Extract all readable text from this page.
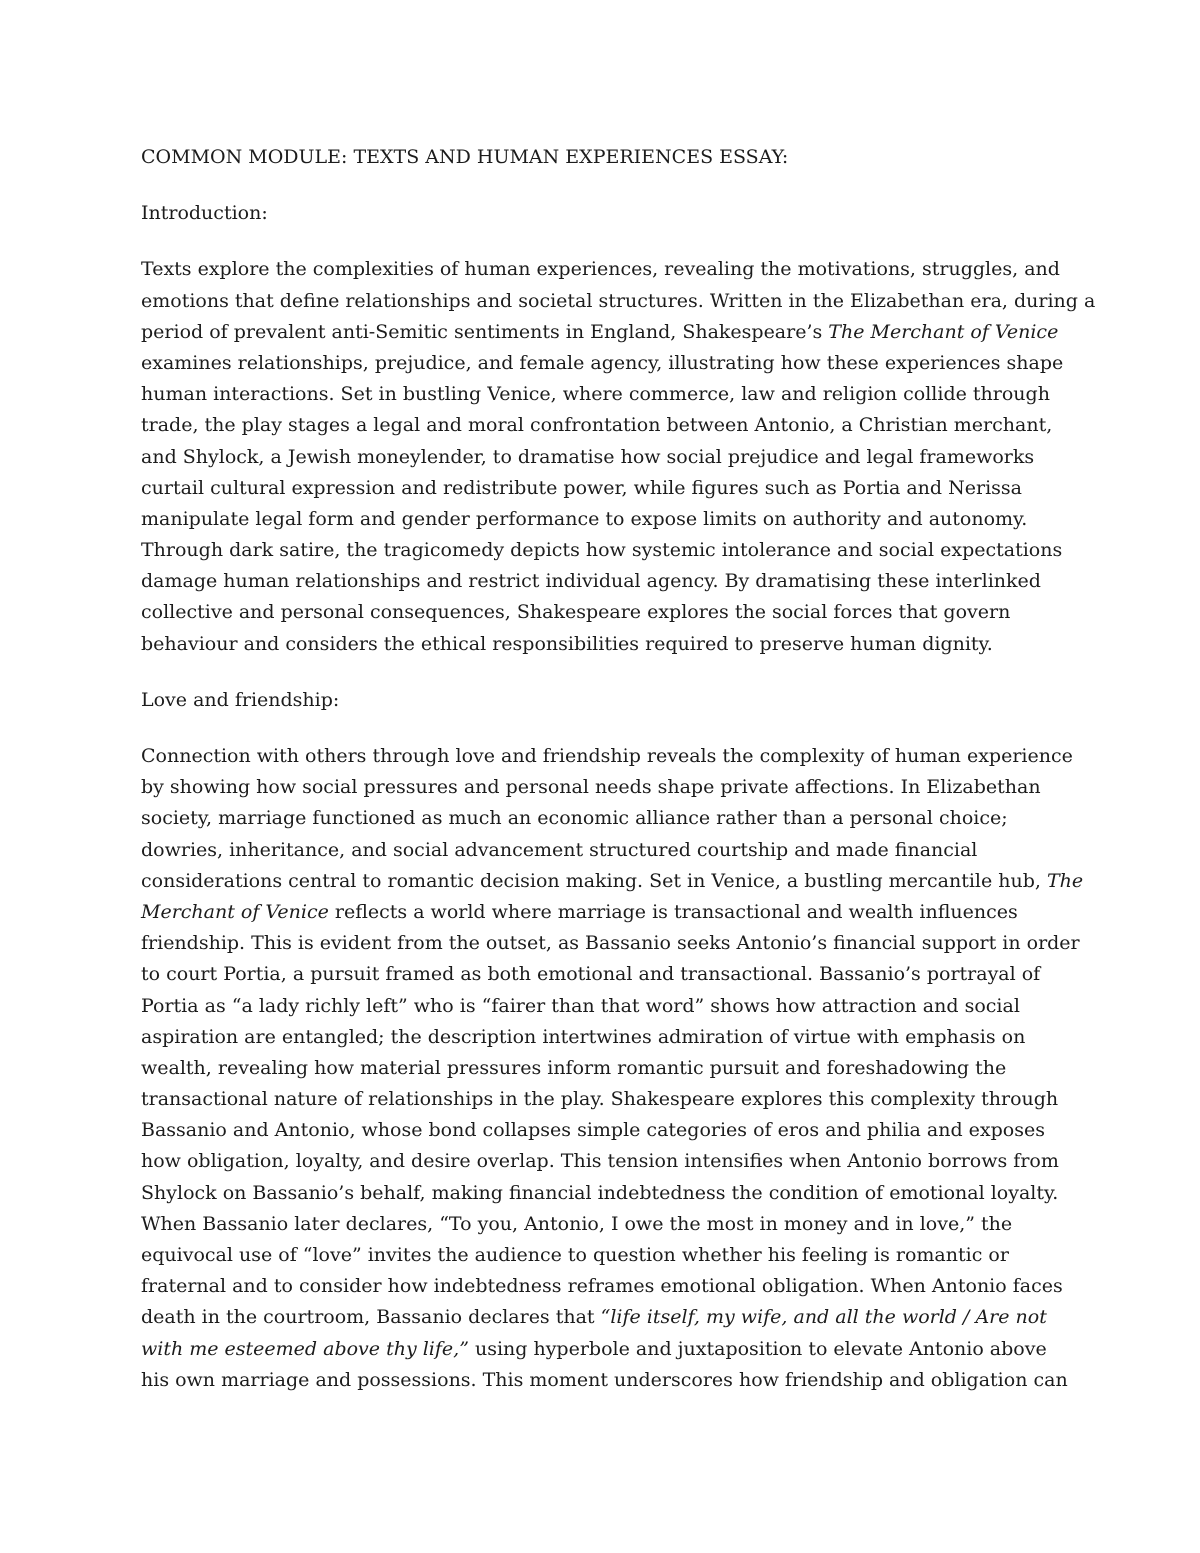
COMMON MODULE: TEXTS AND HUMAN EXPERIENCES ESSAY:
Introduction:
Texts explore the complexities of human experiences, revealing the motivations, struggles, and
emotions that define relationships and societal structures. Written in the Elizabethan era, during a
period of prevalent anti-Semitic sentiments in England, Shakespeare’s The Merchant of Venice
examines relationships, prejudice, and female agency, illustrating how these experiences shape
human interactions. Set in bustling Venice, where commerce, law and religion collide through
trade, the play stages a legal and moral confrontation between Antonio, a Christian merchant,
and Shylock, a Jewish moneylender, to dramatise how social prejudice and legal frameworks
curtail cultural expression and redistribute power, while figures such as Portia and Nerissa
manipulate legal form and gender performance to expose limits on authority and autonomy.
Through dark satire, the tragicomedy depicts how systemic intolerance and social expectations
damage human relationships and restrict individual agency. By dramatising these interlinked
collective and personal consequences, Shakespeare explores the social forces that govern
behaviour and considers the ethical responsibilities required to preserve human dignity.
Love and friendship:
Connection with others through love and friendship reveals the complexity of human experience
by showing how social pressures and personal needs shape private affections. In Elizabethan
society, marriage functioned as much an economic alliance rather than a personal choice;
dowries, inheritance, and social advancement structured courtship and made financial
considerations central to romantic decision making. Set in Venice, a bustling mercantile hub, The
Merchant of Venice reflects a world where marriage is transactional and wealth influences
friendship. This is evident from the outset, as Bassanio seeks Antonio’s financial support in order
to court Portia, a pursuit framed as both emotional and transactional. Bassanio’s portrayal of
Portia as “a lady richly left” who is “fairer than that word” shows how attraction and social
aspiration are entangled; the description intertwines admiration of virtue with emphasis on
wealth, revealing how material pressures inform romantic pursuit and foreshadowing the
transactional nature of relationships in the play. Shakespeare explores this complexity through
Bassanio and Antonio, whose bond collapses simple categories of eros and philia and exposes
how obligation, loyalty, and desire overlap. This tension intensifies when Antonio borrows from
Shylock on Bassanio’s behalf, making financial indebtedness the condition of emotional loyalty.
When Bassanio later declares, “To you, Antonio, I owe the most in money and in love,” the
equivocal use of “love” invites the audience to question whether his feeling is romantic or
fraternal and to consider how indebtedness reframes emotional obligation. When Antonio faces
death in the courtroom, Bassanio declares that “life itself, my wife, and all the world / Are not
with me esteemed above thy life,” using hyperbole and juxtaposition to elevate Antonio above
his own marriage and possessions. This moment underscores how friendship and obligation can
